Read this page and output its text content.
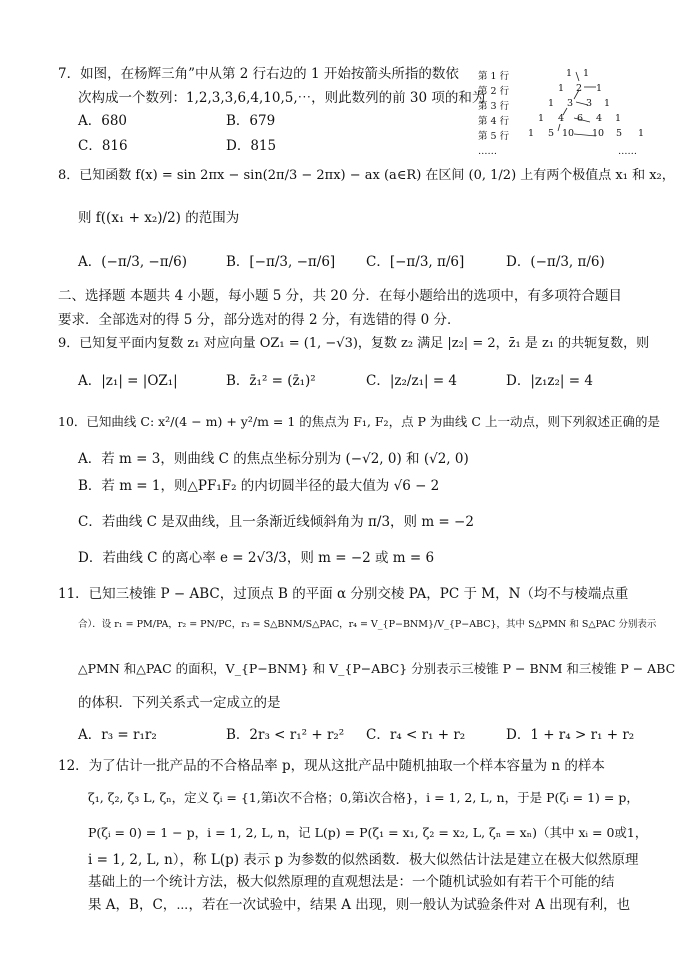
7．如图，在杨辉三角”中从第 2 行右边的 1 开始按箭头所指的数依
次构成一个数列：1,2,3,3,6,4,10,5,⋯，则此数列的前 30 项的和为
A．680	B．679
C．816	D．815
第 1 行
第 2 行
第 3 行
第 4 行
第 5 行
……
1 1
1 2 1
1 3 3 1
1 4 6 4 1
1 5 10 10 5 1
……
8．已知函数 f(x) = sin 2πx − sin(2π/3 − 2πx) − ax (a∈R) 在区间 (0, 1/2) 上有两个极值点 x₁ 和 x₂，
则 f((x₁ + x₂)/2) 的范围为
A．(−π/3, −π/6)	B．[−π/3, −π/6] C．[−π/3, π/6]	D．(−π/3, π/6)
二、选择题 本题共 4 小题，每小题 5 分，共 20 分．在每小题给出的选项中，有多项符合题目
要求．全部选对的得 5 分，部分选对的得 2 分，有选错的得 0 分．
9．已知复平面内复数 z₁ 对应向量 OZ₁ = (1, −√3)，复数 z₂ 满足 |z₂| = 2，z̄₁ 是 z₁ 的共轭复数，则
A．|z₁| = |OZ₁|	B．z̄₁² = (z̄₁)²	C．|z₂/z₁| = 4	D．|z₁z₂| = 4
10．已知曲线 C: x²/(4 − m) + y²/m = 1 的焦点为 F₁, F₂，点 P 为曲线 C 上一动点，则下列叙述正确的是
A．若 m = 3，则曲线 C 的焦点坐标分别为 (−√2, 0) 和 (√2, 0)
B．若 m = 1，则△PF₁F₂ 的内切圆半径的最大值为 √6 − 2
C．若曲线 C 是双曲线，且一条渐近线倾斜角为 π/3，则 m = −2
D．若曲线 C 的离心率 e = 2√3/3，则 m = −2 或 m = 6
11．已知三棱锥 P − ABC，过顶点 B 的平面 α 分别交棱 PA，PC 于 M，N（均不与棱端点重
合）．设 r₁ = PM/PA，r₂ = PN/PC，r₃ = S△BNM/S△PAC，r₄ = V_{P−BNM}/V_{P−ABC}，其中 S△PMN 和 S△PAC 分别表示
△PMN 和△PAC 的面积，V_{P−BNM} 和 V_{P−ABC} 分别表示三棱锥 P − BNM 和三棱锥 P − ABC
的体积．下列关系式一定成立的是
A．r₃ = r₁r₂	B．2r₃ < r₁² + r₂² C．r₄ < r₁ + r₂	D．1 + r₄ > r₁ + r₂
12．为了估计一批产品的不合格品率 p，现从这批产品中随机抽取一个样本容量为 n 的样本
ζ₁, ζ₂, ζ₃ L, ζₙ，定义 ζᵢ = {1,第i次不合格；0,第i次合格}，i = 1, 2, L, n，于是 P(ζᵢ = 1) = p，
P(ζᵢ = 0) = 1 − p，i = 1, 2, L, n，记 L(p) = P(ζ₁ = x₁, ζ₂ = x₂, L, ζₙ = xₙ)（其中 xᵢ = 0或1，
i = 1, 2, L, n），称 L(p) 表示 p 为参数的似然函数．极大似然估计法是建立在极大似然原理
基础上的一个统计方法，极大似然原理的直观想法是：一个随机试验如有若干个可能的结
果 A，B，C，⋯，若在一次试验中，结果 A 出现，则一般认为试验条件对 A 出现有利，也
